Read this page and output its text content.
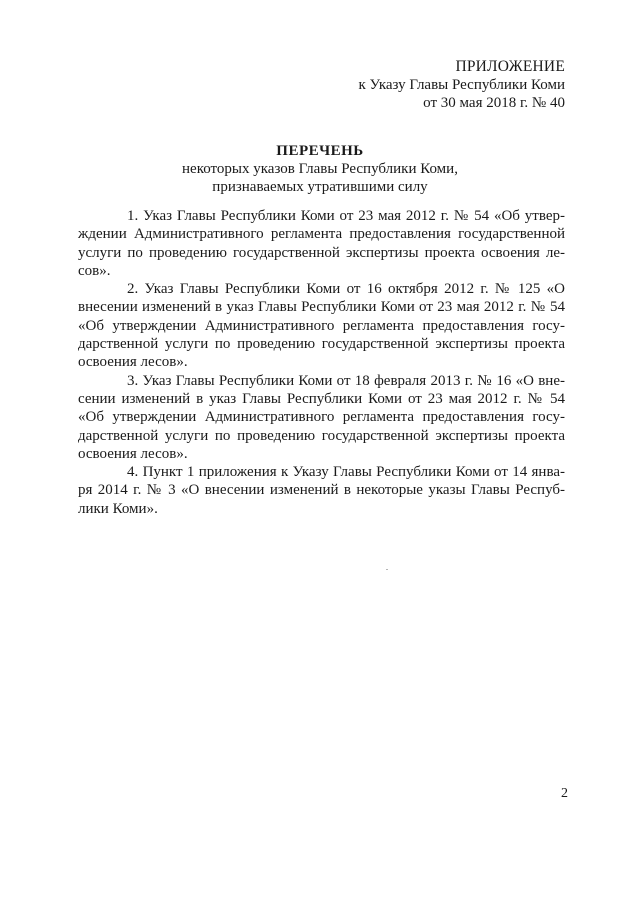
ПРИЛОЖЕНИЕ
к Указу Главы Республики Коми
от 30 мая 2018 г. № 40
ПЕРЕЧЕНЬ
некоторых указов Главы Республики Коми,
признаваемых утратившими силу
1. Указ Главы Республики Коми от 23 мая 2012 г. № 54 «Об утвер-
ждении Административного регламента предоставления государственной
услуги по проведению государственной экспертизы проекта освоения ле-
сов».
2. Указ Главы Республики Коми от 16 октября 2012 г. № 125 «О
внесении изменений в указ Главы Республики Коми от 23 мая 2012 г. № 54
«Об утверждении Административного регламента предоставления госу-
дарственной услуги по проведению государственной экспертизы проекта
освоения лесов».
3. Указ Главы Республики Коми от 18 февраля 2013 г. № 16 «О вне-
сении изменений в указ Главы Республики Коми от 23 мая 2012 г. № 54
«Об утверждении Административного регламента предоставления госу-
дарственной услуги по проведению государственной экспертизы проекта
освоения лесов».
4. Пункт 1 приложения к Указу Главы Республики Коми от 14 янва-
ря 2014 г. № 3 «О внесении изменений в некоторые указы Главы Респуб-
лики Коми».
2
